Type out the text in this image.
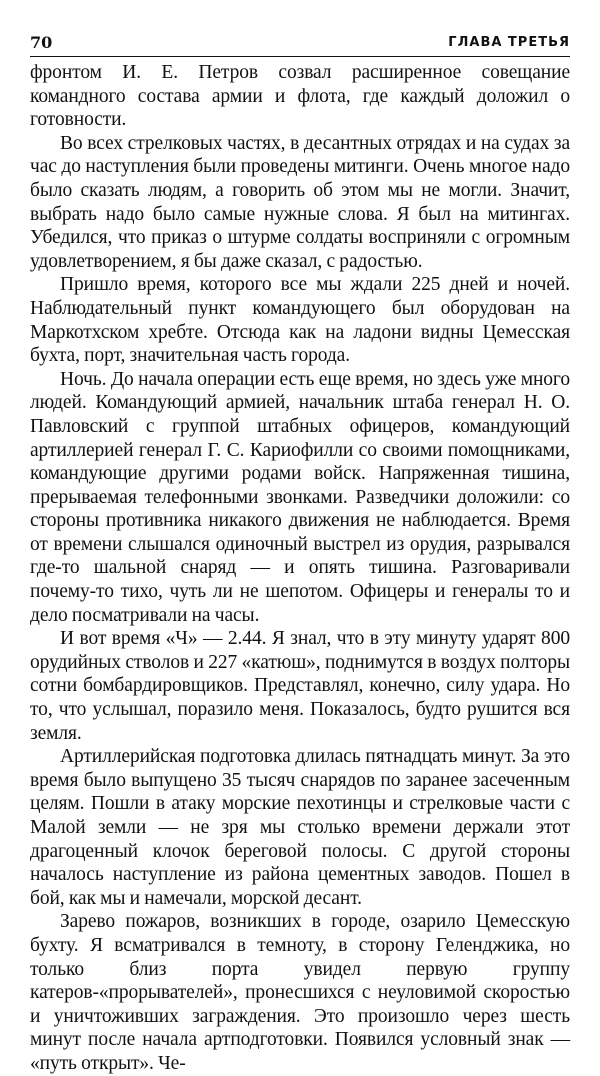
70	ГЛАВА ТРЕТЬЯ

фронтом И. Е. Петров созвал расширенное совещание командного состава армии и флота, где каждый доложил о готовности.

Во всех стрелковых частях, в десантных отрядах и на судах за час до наступления были проведены митинги. Очень многое надо было сказать людям, а говорить об этом мы не могли. Значит, выбрать надо было самые нужные слова. Я был на митингах. Убедился, что приказ о штурме солдаты восприняли с огромным удовлетворением, я бы даже сказал, с радостью.

Пришло время, которого все мы ждали 225 дней и ночей. Наблюдательный пункт командующего был оборудован на Маркотхском хребте. Отсюда как на ладони видны Цемесская бухта, порт, значительная часть города.

Ночь. До начала операции есть еще время, но здесь уже много людей. Командующий армией, начальник штаба генерал Н. О. Павловский с группой штабных офицеров, командующий артиллерией генерал Г. С. Кариофилли со своими помощниками, командующие другими родами войск. Напряженная тишина, прерываемая телефонными звонками. Разведчики доложили: со стороны противника никакого движения не наблюдается. Время от времени слышался одиночный выстрел из орудия, разрывался где-то шальной снаряд — и опять тишина. Разговаривали почему-то тихо, чуть ли не шепотом. Офицеры и генералы то и дело посматривали на часы.

И вот время «Ч» — 2.44. Я знал, что в эту минуту ударят 800 орудийных стволов и 227 «катюш», поднимутся в воздух полторы сотни бомбардировщиков. Представлял, конечно, силу удара. Но то, что услышал, поразило меня. Показалось, будто рушится вся земля.

Артиллерийская подготовка длилась пятнадцать минут. За это время было выпущено 35 тысяч снарядов по заранее засеченным целям. Пошли в атаку морские пехотинцы и стрелковые части с Малой земли — не зря мы столько времени держали этот драгоценный клочок береговой полосы. С другой стороны началось наступление из района цементных заводов. Пошел в бой, как мы и намечали, морской десант.

Зарево пожаров, возникших в городе, озарило Цемесскую бухту. Я всматривался в темноту, в сторону Геленджика, но только близ порта увидел первую группу катеров-«прорывателей», пронесшихся с неуловимой скоростью и уничтоживших заграждения. Это произошло через шесть минут после начала артподготовки. Появился условный знак — «путь открыт». Че-
